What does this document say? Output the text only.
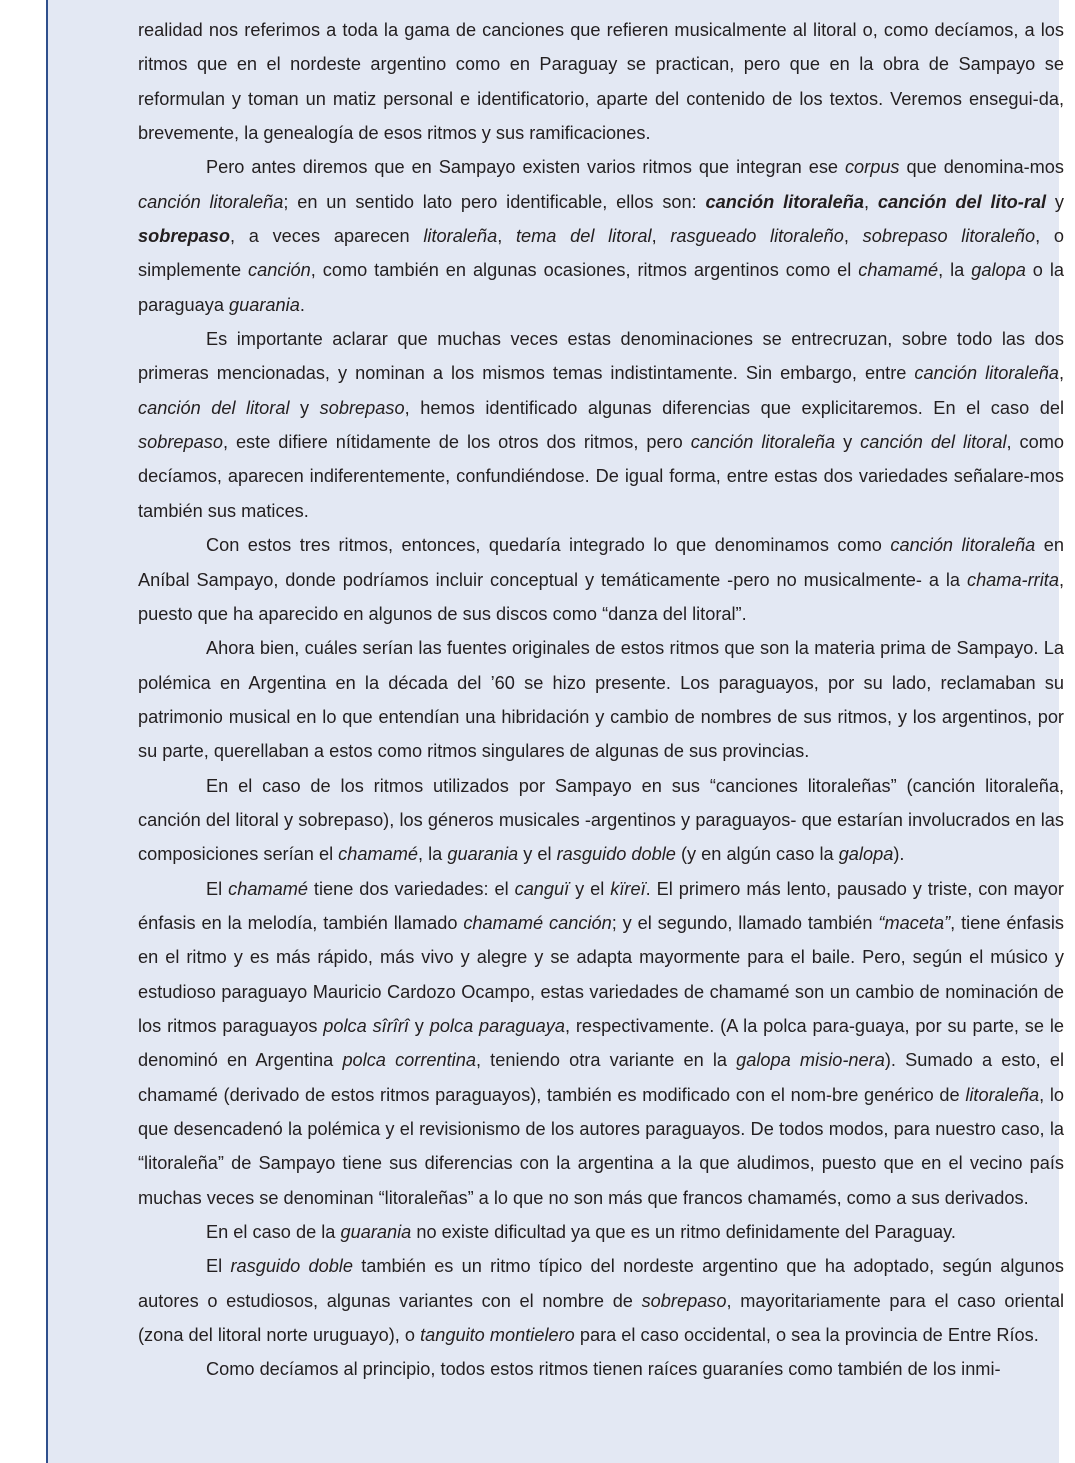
realidad nos referimos a toda la gama de canciones que refieren musicalmente al litoral o, como decíamos, a los ritmos que en el nordeste argentino como en Paraguay se practican, pero que en la obra de Sampayo se reformulan y toman un matiz personal e identificatorio, aparte del contenido de los textos. Veremos ensegui-da, brevemente, la genealogía de esos ritmos y sus ramificaciones.

Pero antes diremos que en Sampayo existen varios ritmos que integran ese corpus que denomina-mos canción litoraleña; en un sentido lato pero identificable, ellos son: canción litoraleña, canción del lito-ral y sobrepaso, a veces aparecen litoraleña, tema del litoral, rasgueado litoraleño, sobrepaso litoraleño, o simplemente canción, como también en algunas ocasiones, ritmos argentinos como el chamamé, la galopa o la paraguaya guarania.

Es importante aclarar que muchas veces estas denominaciones se entrecruzan, sobre todo las dos primeras mencionadas, y nominan a los mismos temas indistintamente. Sin embargo, entre canción litoraleña, canción del litoral y sobrepaso, hemos identificado algunas diferencias que explicitaremos. En el caso del sobrepaso, este difiere nítidamente de los otros dos ritmos, pero canción litoraleña y canción del litoral, como decíamos, aparecen indiferentemente, confundiéndose. De igual forma, entre estas dos variedades señalare-mos también sus matices.

Con estos tres ritmos, entonces, quedaría integrado lo que denominamos como canción litoraleña en Aníbal Sampayo, donde podríamos incluir conceptual y temáticamente -pero no musicalmente- a la chama-rrita, puesto que ha aparecido en algunos de sus discos como “danza del litoral”.

Ahora bien, cuáles serían las fuentes originales de estos ritmos que son la materia prima de Sampayo. La polémica en Argentina en la década del ’60 se hizo presente. Los paraguayos, por su lado, reclamaban su patrimonio musical en lo que entendían una hibridación y cambio de nombres de sus ritmos, y los argentinos, por su parte, querellaban a estos como ritmos singulares de algunas de sus provincias.

En el caso de los ritmos utilizados por Sampayo en sus “canciones litoraleñas” (canción litoraleña, canción del litoral y sobrepaso), los géneros musicales -argentinos y paraguayos- que estarían involucrados en las composiciones serían el chamamé, la guarania y el rasguido doble (y en algún caso la galopa).

El chamamé tiene dos variedades: el canguï y el kïreï. El primero más lento, pausado y triste, con mayor énfasis en la melodía, también llamado chamamé canción; y el segundo, llamado también “maceta”, tiene énfasis en el ritmo y es más rápido, más vivo y alegre y se adapta mayormente para el baile. Pero, según el músico y estudioso paraguayo Mauricio Cardozo Ocampo, estas variedades de chamamé son un cambio de nominación de los ritmos paraguayos polca sîrîrî y polca paraguaya, respectivamente. (A la polca para-guaya, por su parte, se le denominó en Argentina polca correntina, teniendo otra variante en la galopa misio-nera). Sumado a esto, el chamamé (derivado de estos ritmos paraguayos), también es modificado con el nom-bre genérico de litoraleña, lo que desencadenó la polémica y el revisionismo de los autores paraguayos. De todos modos, para nuestro caso, la “litoraleña” de Sampayo tiene sus diferencias con la argentina a la que aludimos, puesto que en el vecino país muchas veces se denominan “litoraleñas” a lo que no son más que francos chamamés, como a sus derivados.

En el caso de la guarania no existe dificultad ya que es un ritmo definidamente del Paraguay.

El rasguido doble también es un ritmo típico del nordeste argentino que ha adoptado, según algunos autores o estudiosos, algunas variantes con el nombre de sobrepaso, mayoritariamente para el caso oriental (zona del litoral norte uruguayo), o tanguito montielero para el caso occidental, o sea la provincia de Entre Ríos.

Como decíamos al principio, todos estos ritmos tienen raíces guaraníes como también de los inmi-
